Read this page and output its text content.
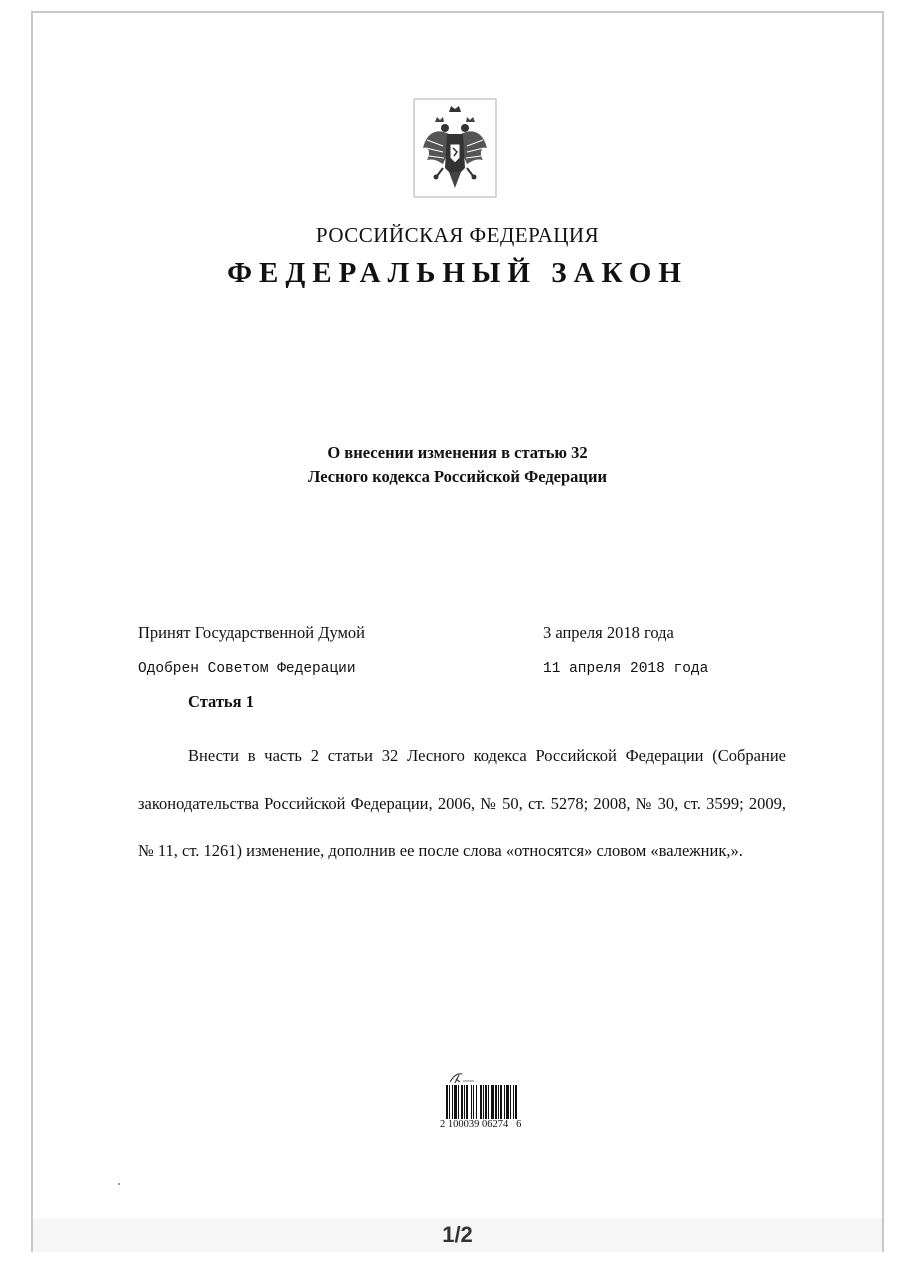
РОССИЙСКАЯ ФЕДЕРАЦИЯ
ФЕДЕРАЛЬНЫЙ ЗАКОН
О внесении изменения в статью 32
Лесного кодекса Российской Федерации
Принят Государственной Думой	3 апреля 2018 года
Одобрен Советом Федерации	11 апреля 2018 года
Статья 1

Внести в часть 2 статьи 32 Лесного кодекса Российской Федерации (Собрание законодательства Российской Федерации, 2006, № 50, ст. 5278; 2008, № 30, ст. 3599; 2009, № 11, ст. 1261) изменение, дополнив ее после слова «относятся» словом «валежник,».

2 100039 06274   6
1/2
